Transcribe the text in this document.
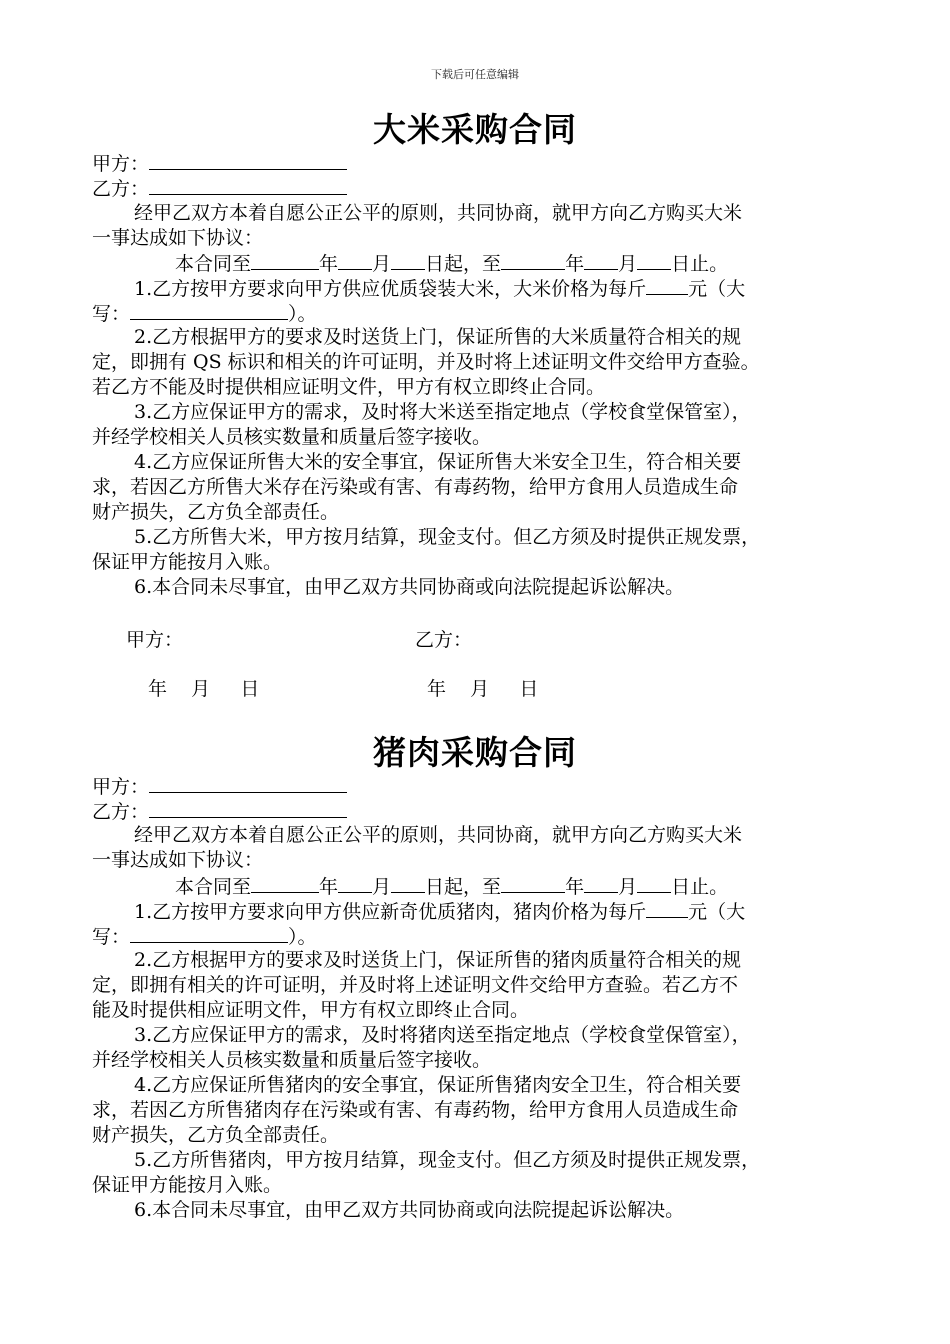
下载后可任意编辑
大米采购合同
甲方：
乙方：
经甲乙双方本着自愿公正公平的原则，共同协商，就甲方向乙方购买大米
一事达成如下协议：
本合同至	年 月 日起，至	年 月 日止。
1.乙方按甲方要求向甲方供应优质袋装大米，大米价格为每斤 元（大
写：	）。
2.乙方根据甲方的要求及时送货上门，保证所售的大米质量符合相关的规
定，即拥有 QS 标识和相关的许可证明，并及时将上述证明文件交给甲方查验。
若乙方不能及时提供相应证明文件，甲方有权立即终止合同。
3.乙方应保证甲方的需求，及时将大米送至指定地点（学校食堂保管室），
并经学校相关人员核实数量和质量后签字接收。
4.乙方应保证所售大米的安全事宜，保证所售大米安全卫生，符合相关要
求，若因乙方所售大米存在污染或有害、有毒药物，给甲方食用人员造成生命
财产损失，乙方负全部责任。
5.乙方所售大米，甲方按月结算，现金支付。但乙方须及时提供正规发票，
保证甲方能按月入账。
6.本合同未尽事宜，由甲乙双方共同协商或向法院提起诉讼解决。
甲方：	乙方：
年    月     日	年    月     日
猪肉采购合同
甲方：
乙方：
经甲乙双方本着自愿公正公平的原则，共同协商，就甲方向乙方购买大米
一事达成如下协议：
本合同至	年 月 日起，至	年 月 日止。
1.乙方按甲方要求向甲方供应新奇优质猪肉，猪肉价格为每斤 元（大
写：	）。
2.乙方根据甲方的要求及时送货上门，保证所售的猪肉质量符合相关的规
定，即拥有相关的许可证明，并及时将上述证明文件交给甲方查验。若乙方不
能及时提供相应证明文件，甲方有权立即终止合同。
3.乙方应保证甲方的需求，及时将猪肉送至指定地点（学校食堂保管室），
并经学校相关人员核实数量和质量后签字接收。
4.乙方应保证所售猪肉的安全事宜，保证所售猪肉安全卫生，符合相关要
求，若因乙方所售猪肉存在污染或有害、有毒药物，给甲方食用人员造成生命
财产损失，乙方负全部责任。
5.乙方所售猪肉，甲方按月结算，现金支付。但乙方须及时提供正规发票，
保证甲方能按月入账。
6.本合同未尽事宜，由甲乙双方共同协商或向法院提起诉讼解决。
